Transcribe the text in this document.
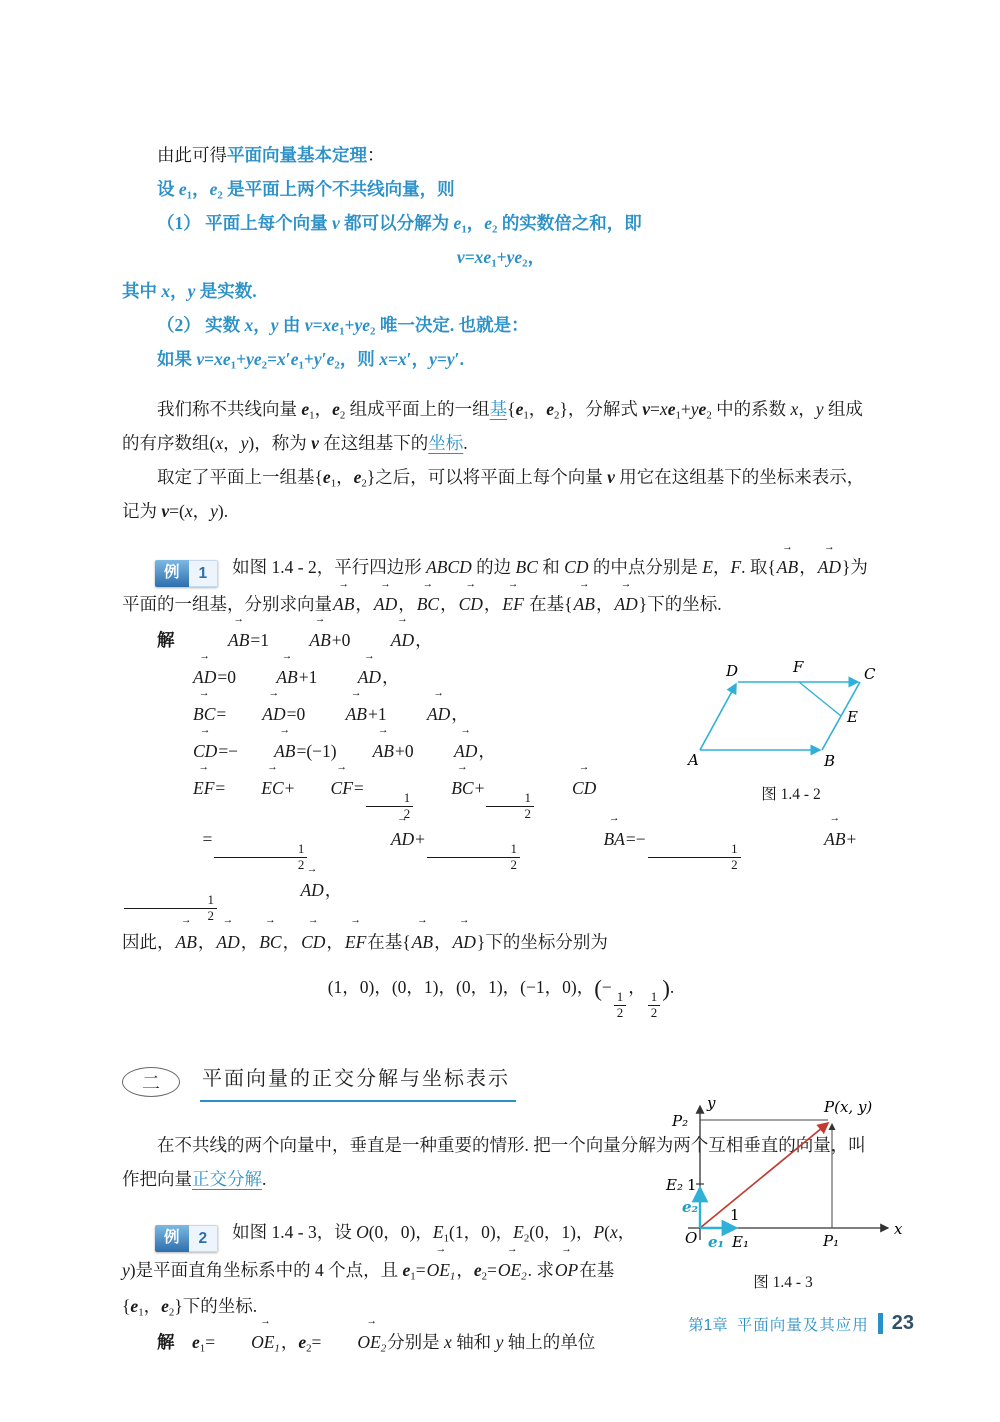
由此可得平面向量基本定理：

设 $e_1$，$e_2$ 是平面上两个不共线向量，则

（1） 平面上每个向量 v 都可以分解为 $e_1$，$e_2$ 的实数倍之和，即

$v=xe_1+ye_2$，

其中 x，y 是实数.

（2） 实数 x，y 由 $v=xe_1+ye_2$ 唯一决定. 也就是：

如果 $v=xe_1+ye_2=x'e_1+y'e_2$，则 x=x′，y=y′.

我们称不共线向量 $e_1$，$e_2$ 组成平面上的一组基{$e_1$，$e_2$}，分解式 $v=xe_1+ye_2$ 中的系数 x，y 组成的有序数组(x，y)，称为 v 在这组基下的坐标.

取定了平面上一组基{$e_1$，$e_2$}之后，可以将平面上每个向量 v 用它在这组基下的坐标来表示，记为 v=(x，y).

例	1	如图 1.4 - 2，平行四边形 ABCD 的边 BC 和 CD 的中点分别是 E，F. 取{→ AB，→ AD}为平面的一组基，分别求向量→ AB，→ AD，→ BC，→ CD，→ EF 在基{→ AB，→ AD}下的坐标.

解　	→ AB=1 → AB+0 → AD，

→ AD=0 → AB+1 → AD，

→ BC= → AD=0 → AB+1 → AD，

→ CD=− → AB=(−1) → AB+0 → AD，

→ EF= → EC+ → CF=
$\frac{1}{2}$
→ BC+
$\frac{1}{2}$
→ CD

=
$\frac{1}{2}$
→ AD+
$\frac{1}{2}$
→ BA=−
$\frac{1}{2}$
→ AB+
$\frac{1}{2}$
→ AD，

因此，→ AB，→ AD，→ BC，→ CD，→ EF在基{→ AB，→ AD}下的坐标分别为

(1，0)，(0，1)，(0，1)，(−1，0)，(−
$\frac{1}{2}$
，
$\frac{1}{2}$
).

二	平面向量的正交分解与坐标表示

在不共线的两个向量中，垂直是一种重要的情形. 把一个向量分解为两个互相垂直的向量，叫作把向量正交分解.

例	2	如图 1.4 - 3，设 O(0，0)，$E_1(1$，0)，$E_2(0$，1)，P(x，y)是平面直角坐标系中的 4 个点，且 $e_1=\to OE_1$，$e_2=\to OE_2$. 求→ OP在基{$e_1$，$e_2$}下的坐标.

解　 $e_1= \to OE_1$，$e_2= \to OE_2$分别是 x 轴和 y 轴上的单位

A	B
C
D
E
F
图 1.4 - 2
y
x
O
P(x, y)
P₂
P₁
E₂ 1
e₂
e₁ E₁
1
图 1.4 - 3
第1章 平面向量及其应用 23
